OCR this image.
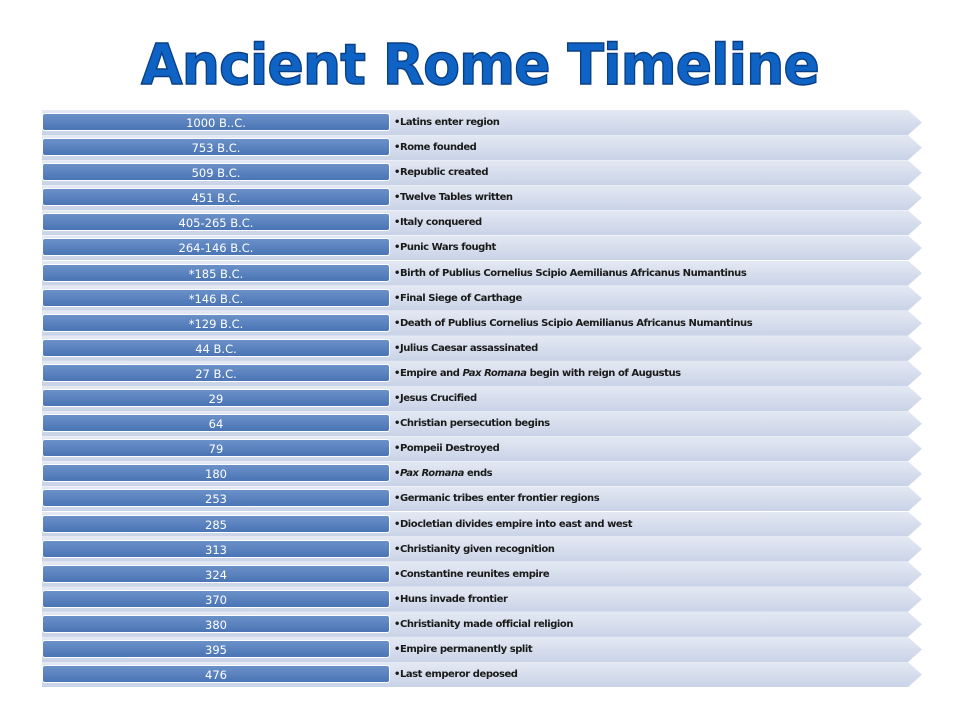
Ancient Rome Timeline
1000 B..C.	•Latins enter region
753 B.C.	•Rome founded
509 B.C.	•Republic created
451 B.C.	•Twelve Tables written
405-265 B.C.	•Italy conquered
264-146 B.C.	•Punic Wars fought
*185 B.C.	•Birth of Publius Cornelius Scipio Aemilianus Africanus Numantinus
*146 B.C.	•Final Siege of Carthage
*129 B.C.	•Death of Publius Cornelius Scipio Aemilianus Africanus Numantinus
44 B.C.	•Julius Caesar assassinated
27 B.C.	•Empire and Pax Romana begin with reign of Augustus
29	•Jesus Crucified
64	•Christian persecution begins
79	•Pompeii Destroyed
180	•Pax Romana ends
253	•Germanic tribes enter frontier regions
285	•Diocletian divides empire into east and west
313	•Christianity given recognition
324	•Constantine reunites empire
370	•Huns invade frontier
380	•Christianity made official religion
395	•Empire permanently split
476	•Last emperor deposed
